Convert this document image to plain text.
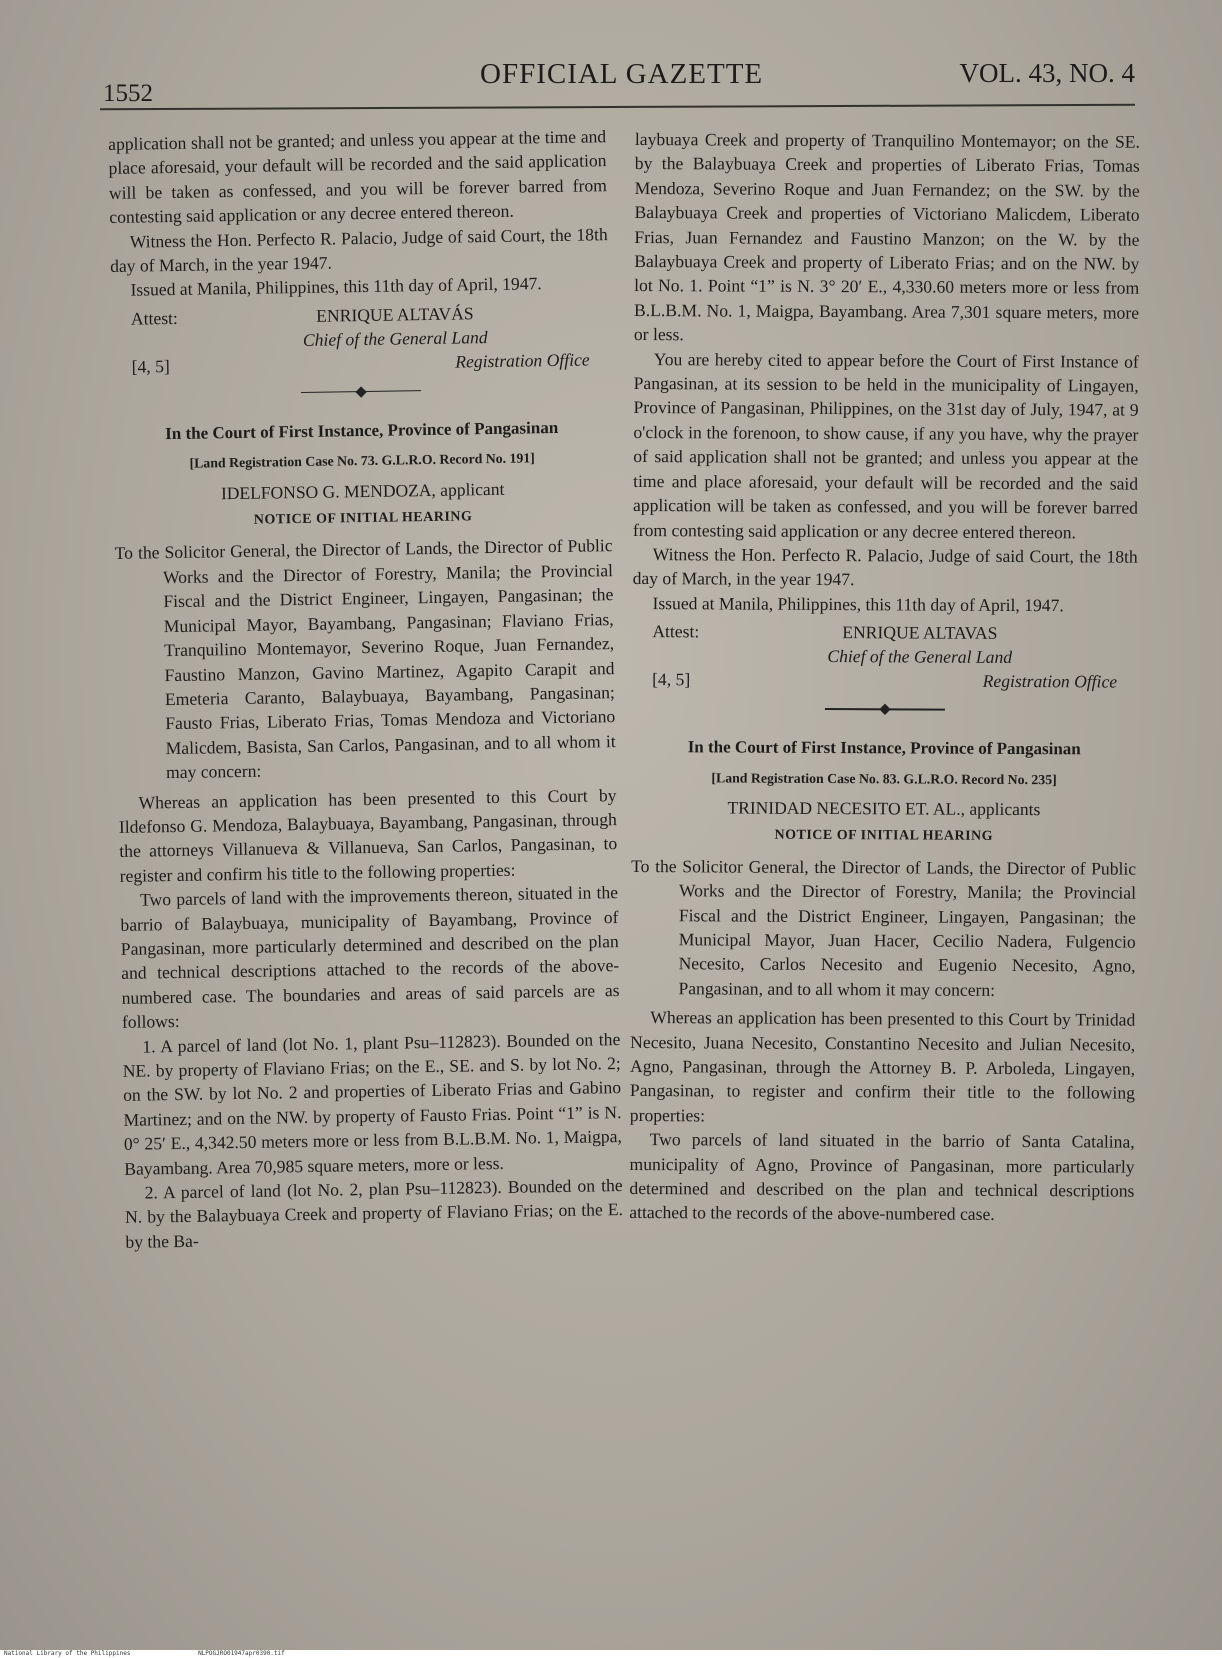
1552
OFFICIAL GAZETTE	VOL. 43, NO. 4

application shall not be granted; and unless you appear at the time and place aforesaid, your default will be recorded and the said application will be taken as confessed, and you will be forever barred from contesting said application or any decree entered thereon.

Witness the Hon. Perfecto R. Palacio, Judge of said Court, the 18th day of March, in the year 1947.

Issued at Manila, Philippines, this 11th day of April, 1947.

Attest:	ENRIQUE ALTAVÁS
Chief of the General Land
[4, 5]	Registration Office

In the Court of First Instance, Province of Pangasinan

[Land Registration Case No. 73. G.L.R.O. Record No. 191]

IDELFONSO G. MENDOZA, applicant

NOTICE OF INITIAL HEARING

To the Solicitor General, the Director of Lands, the Director of Public Works and the Director of Forestry, Manila; the Provincial Fiscal and the District Engineer, Lingayen, Pangasinan; the Municipal Mayor, Bayambang, Pangasinan; Flaviano Frias, Tranquilino Montemayor, Severino Roque, Juan Fernandez, Faustino Manzon, Gavino Martinez, Agapito Carapit and Emeteria Caranto, Balaybuaya, Bayambang, Pangasinan; Fausto Frias, Liberato Frias, Tomas Mendoza and Victoriano Malicdem, Basista, San Carlos, Pangasinan, and to all whom it may concern:

Whereas an application has been presented to this Court by Ildefonso G. Mendoza, Balaybuaya, Bayambang, Pangasinan, through the attorneys Villanueva & Villanueva, San Carlos, Pangasinan, to register and confirm his title to the following properties:

Two parcels of land with the improvements thereon, situated in the barrio of Balaybuaya, municipality of Bayambang, Province of Pangasinan, more particularly determined and described on the plan and technical descriptions attached to the records of the above-numbered case. The boundaries and areas of said parcels are as follows:

1. A parcel of land (lot No. 1, plant Psu–112823). Bounded on the NE. by property of Flaviano Frias; on the E., SE. and S. by lot No. 2; on the SW. by lot No. 2 and properties of Liberato Frias and Gabino Martinez; and on the NW. by property of Fausto Frias. Point “1” is N. 0° 25′ E., 4,342.50 meters more or less from B.L.B.M. No. 1, Maigpa, Bayambang. Area 70,985 square meters, more or less.

2. A parcel of land (lot No. 2, plan Psu–112823). Bounded on the N. by the Balaybuaya Creek and property of Flaviano Frias; on the E. by the Ba-

laybuaya Creek and property of Tranquilino Montemayor; on the SE. by the Balaybuaya Creek and properties of Liberato Frias, Tomas Mendoza, Severino Roque and Juan Fernandez; on the SW. by the Balaybuaya Creek and properties of Victoriano Malicdem, Liberato Frias, Juan Fernandez and Faustino Manzon; on the W. by the Balaybuaya Creek and property of Liberato Frias; and on the NW. by lot No. 1. Point “1” is N. 3° 20′ E., 4,330.60 meters more or less from B.L.B.M. No. 1, Maigpa, Bayambang. Area 7,301 square meters, more or less.

You are hereby cited to appear before the Court of First Instance of Pangasinan, at its session to be held in the municipality of Lingayen, Province of Pangasinan, Philippines, on the 31st day of July, 1947, at 9 o'clock in the forenoon, to show cause, if any you have, why the prayer of said application shall not be granted; and unless you appear at the time and place aforesaid, your default will be recorded and the said application will be taken as confessed, and you will be forever barred from contesting said application or any decree entered thereon.

Witness the Hon. Perfecto R. Palacio, Judge of said Court, the 18th day of March, in the year 1947.

Issued at Manila, Philippines, this 11th day of April, 1947.

Attest:	ENRIQUE ALTAVAS
Chief of the General Land
[4, 5]	Registration Office

In the Court of First Instance, Province of Pangasinan

[Land Registration Case No. 83. G.L.R.O. Record No. 235]

TRINIDAD NECESITO ET. AL., applicants

NOTICE OF INITIAL HEARING

To the Solicitor General, the Director of Lands, the Director of Public Works and the Director of Forestry, Manila; the Provincial Fiscal and the District Engineer, Lingayen, Pangasinan; the Municipal Mayor, Juan Hacer, Cecilio Nadera, Fulgencio Necesito, Carlos Necesito and Eugenio Necesito, Agno, Pangasinan, and to all whom it may concern:

Whereas an application has been presented to this Court by Trinidad Necesito, Juana Necesito, Constantino Necesito and Julian Necesito, Agno, Pangasinan, through the Attorney B. P. Arboleda, Lingayen, Pangasinan, to register and confirm their title to the following properties:

Two parcels of land situated in the barrio of Santa Catalina, municipality of Agno, Province of Pangasinan, more particularly determined and described on the plan and technical descriptions attached to the records of the above-numbered case.

National Library of the Philippines	NLPOGJRO01947apr0390.tif
